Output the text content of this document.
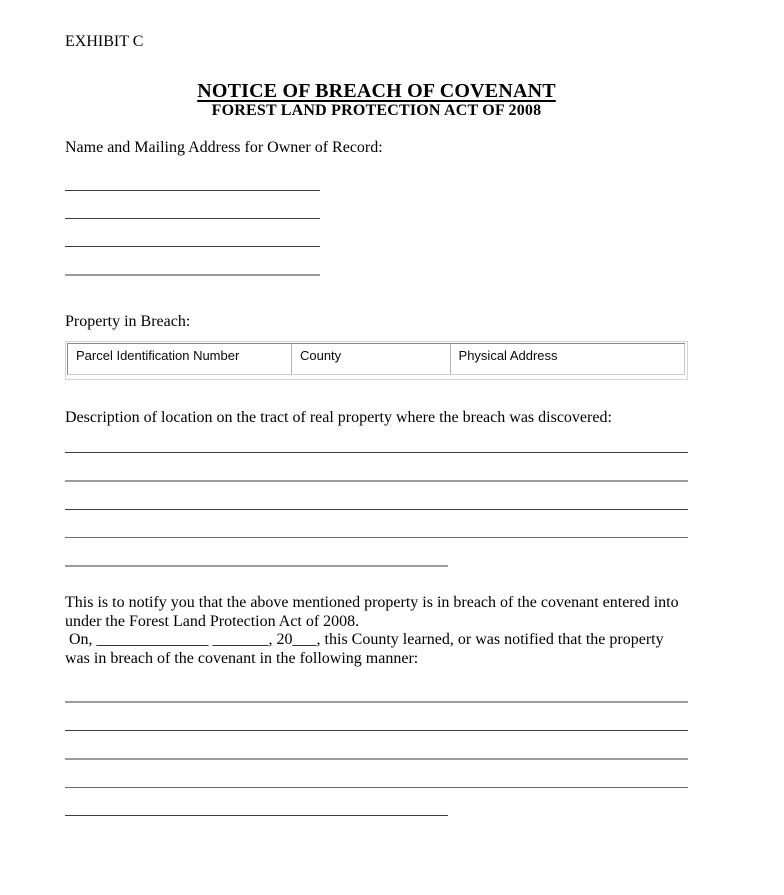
EXHIBIT C
NOTICE OF BREACH OF COVENANT
FOREST LAND PROTECTION ACT OF 2008
Name and Mailing Address for Owner of Record:
Property in Breach:
Parcel Identification Number	County	Physical Address
Description of location on the tract of real property where the breach was discovered:
This is to notify you that the above mentioned property is in breach of the covenant entered into
under the Forest Land Protection Act of 2008.
On, ______________ _______, 20___, this County learned, or was notified that the property
was in breach of the covenant in the following manner:
